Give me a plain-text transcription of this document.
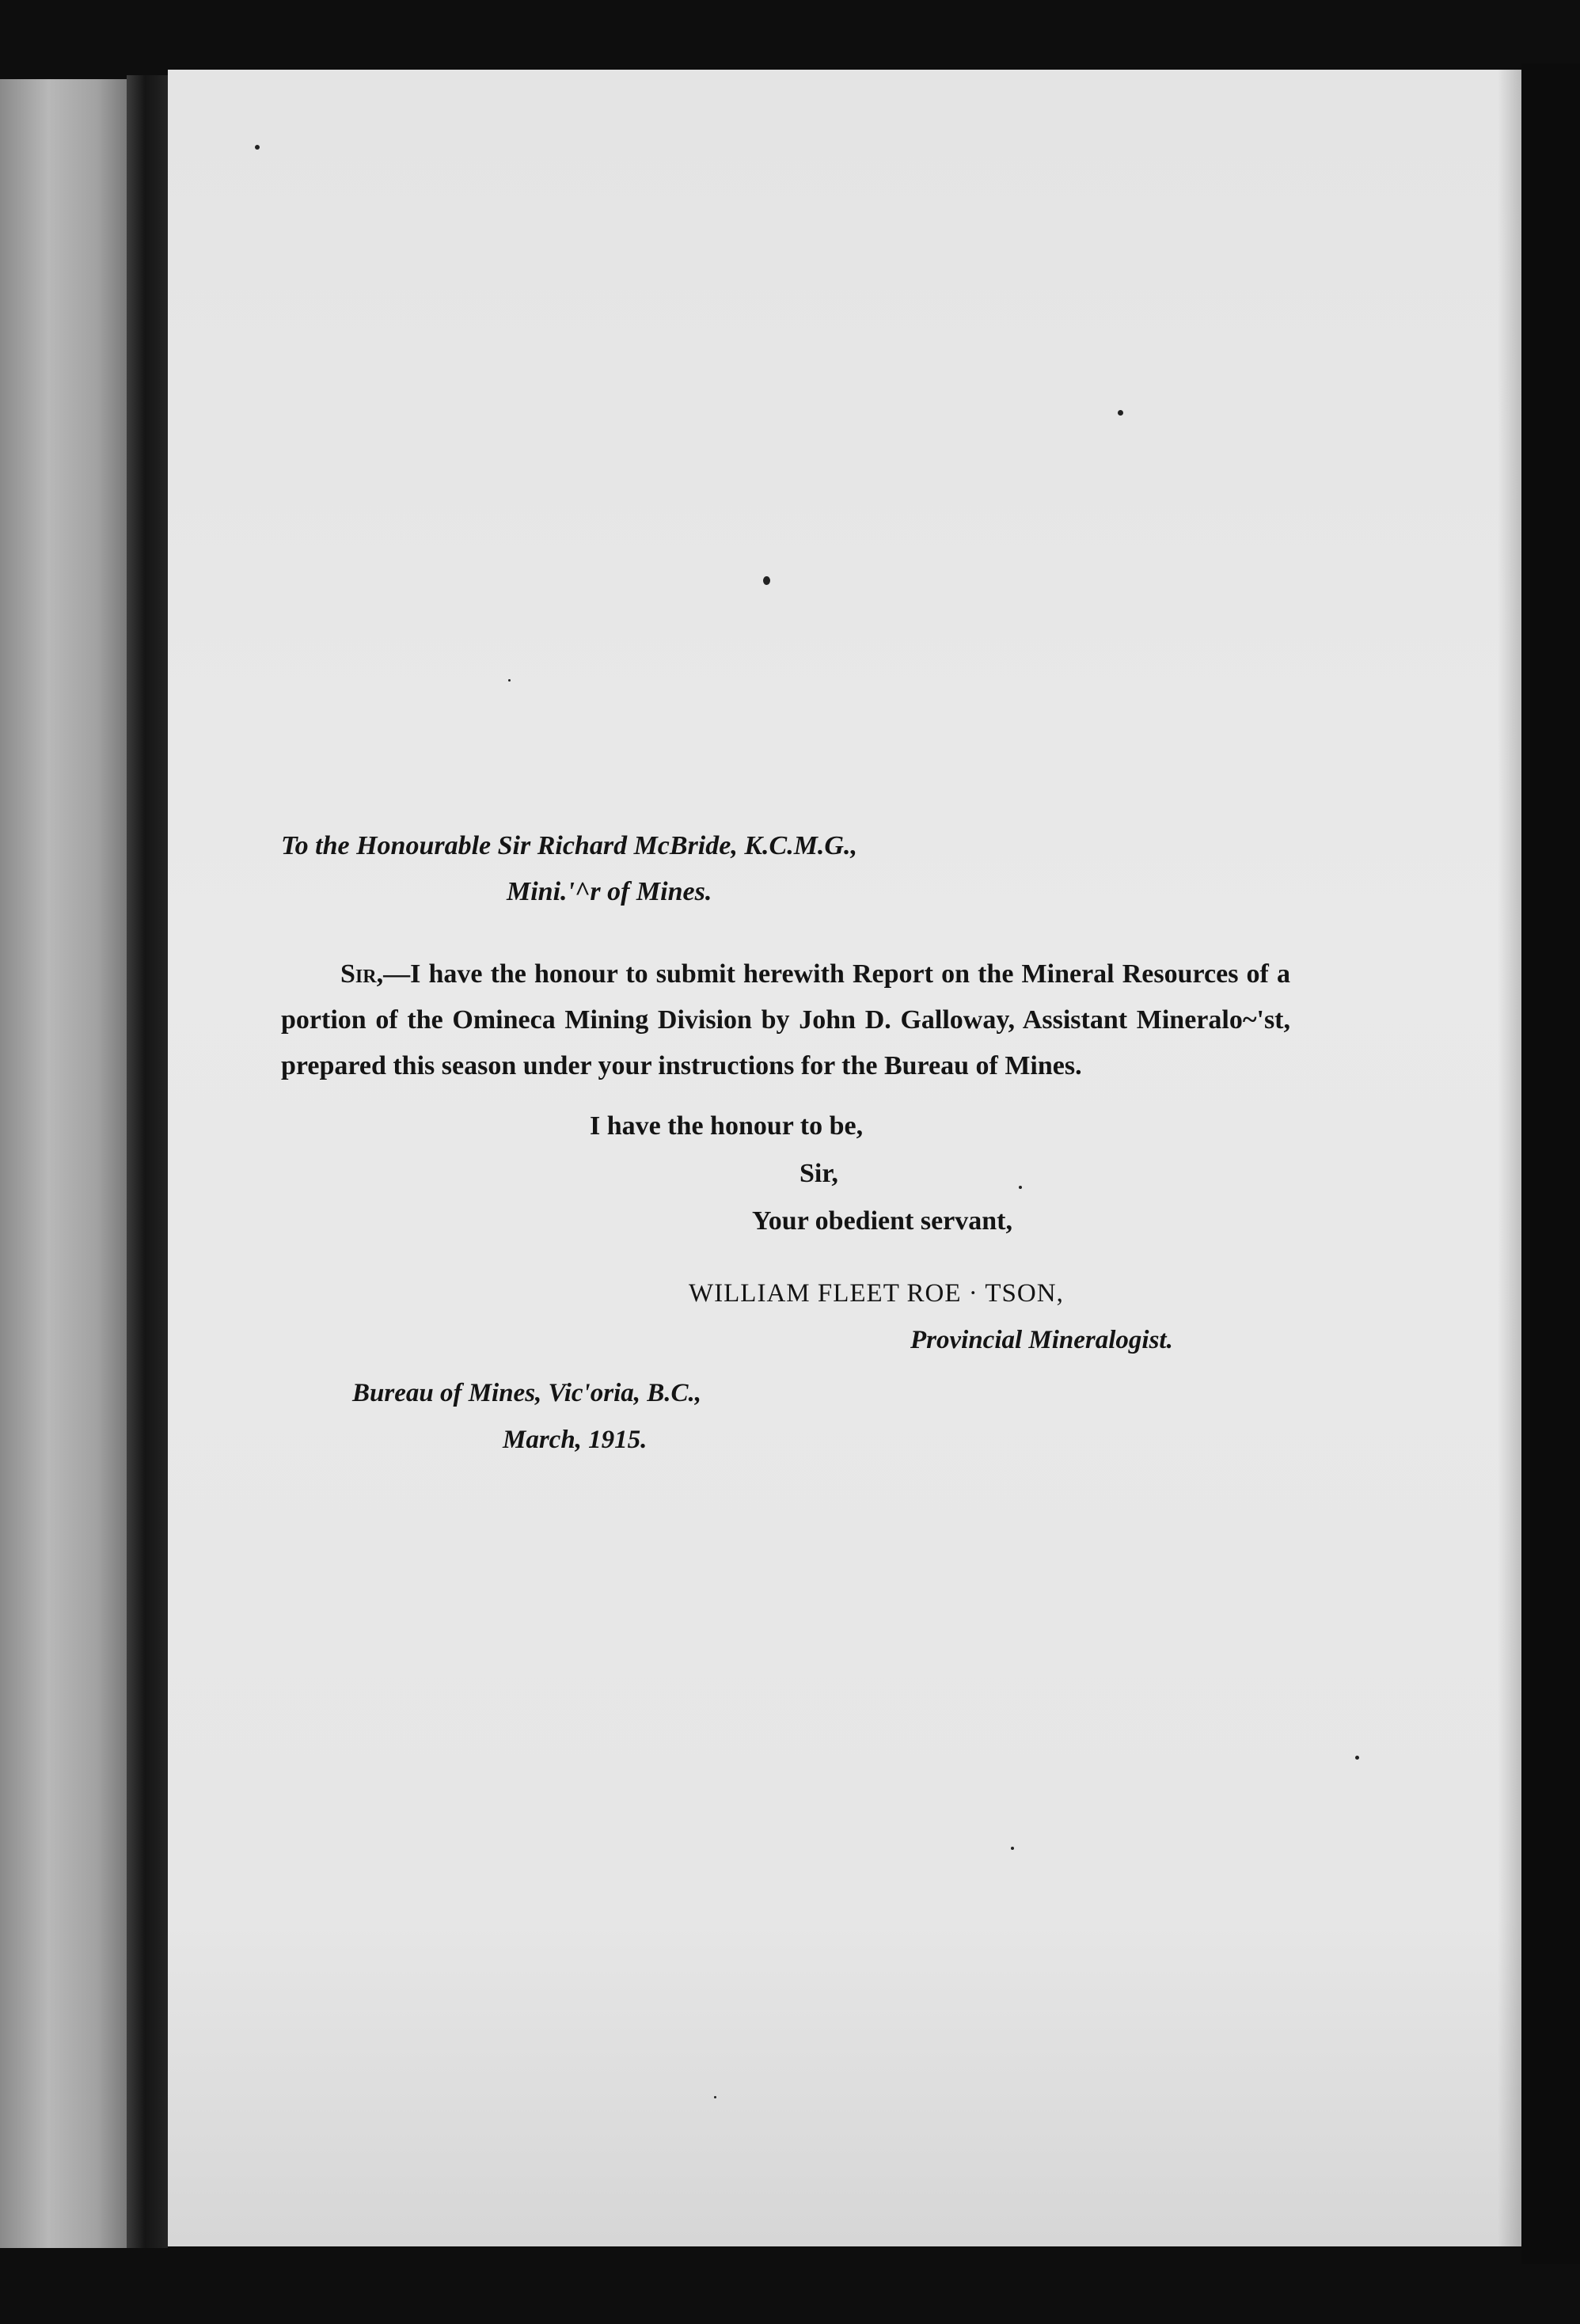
To the Honourable Sir Richard McBride, K.C.M.G.,

Mini.'^r of Mines.

Sir,—I have the honour to submit herewith Report on the Mineral Resources of a portion of the Omineca Mining Division by John D. Galloway, Assistant Mineralo~'st, prepared this season under your instructions for the Bureau of Mines.

I have the honour to be,

Sir,

Your obedient servant,

WILLIAM FLEET ROE · TSON,

Provincial Mineralogist.

Bureau of Mines, Vic'oria, B.C.,

March, 1915.
